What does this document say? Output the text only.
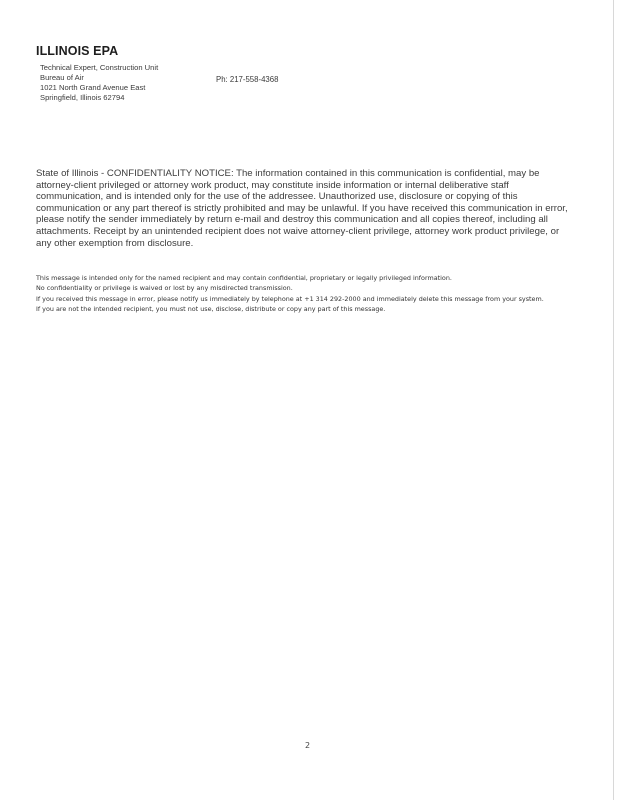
ILLINOIS EPA
Technical Expert, Construction Unit
Bureau of Air
1021 North Grand Avenue East
Springfield, Illinois 62794
Ph: 217-558-4368

State of Illinois - CONFIDENTIALITY NOTICE: The information contained in this communication is confidential, may be attorney-client privileged or attorney work product, may constitute inside information or internal deliberative staff communication, and is intended only for the use of the addressee. Unauthorized use, disclosure or copying of this communication or any part thereof is strictly prohibited and may be unlawful. If you have received this communication in error, please notify the sender immediately by return e-mail and destroy this communication and all copies thereof, including all attachments. Receipt by an unintended recipient does not waive attorney-client privilege, attorney work product privilege, or any other exemption from disclosure.

This message is intended only for the named recipient and may contain confidential, proprietary or legally privileged information.
No confidentiality or privilege is waived or lost by any misdirected transmission.
If you received this message in error, please notify us immediately by telephone at +1 314 292-2000 and immediately delete this message from your system.
If you are not the intended recipient, you must not use, disclose, distribute or copy any part of this message.
2
